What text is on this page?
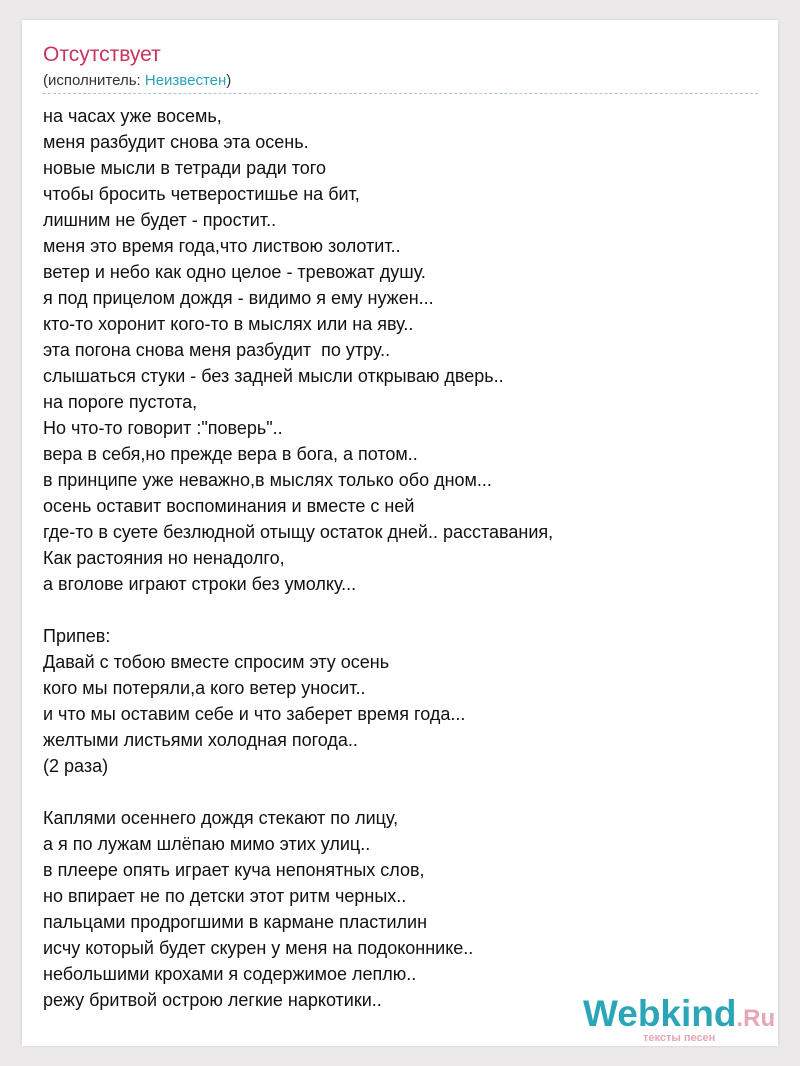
Отсутствует
(исполнитель: Неизвестен)
на часах уже восемь,
меня разбудит снова эта осень.
новые мысли в тетради ради того
чтобы бросить четверостишье на бит,
лишним не будет - простит..
меня это время года,что листвою золотит..
ветер и небо как одно целое - тревожат душу.
я под прицелом дождя - видимо я ему нужен...
кто-то хоронит кого-то в мыслях или на яву..
эта погона снова меня разбудит  по утру..
слышаться стуки - без задней мысли открываю дверь..
на пороге пустота,
Но что-то говорит :"поверь"..
вера в себя,но прежде вера в бога, а потом..
в принципе уже неважно,в мыслях только обо дном...
осень оставит воспоминания и вместе с ней
где-то в суете безлюдной отыщу остаток дней.. расставания,
Как растояния но ненадолго,
а вголове играют строки без умолку...
Припев:
Давай с тобою вместе спросим эту осень
кого мы потеряли,а кого ветер уносит..
и что мы оставим себе и что заберет время года...
желтыми листьями холодная погода..
(2 раза)
Каплями осеннего дождя стекают по лицу,
а я по лужам шлёпаю мимо этих улиц..
в плеере опять играет куча непонятных слов,
но впирает не по детски этот ритм черных..
пальцами продрогшими в кармане пластилин
исчу который будет скурен у меня на подоконнике..
небольшими крохами я содержимое леплю..
режу бритвой острою легкие наркотики..	Webkind.Ru
тексты песен
